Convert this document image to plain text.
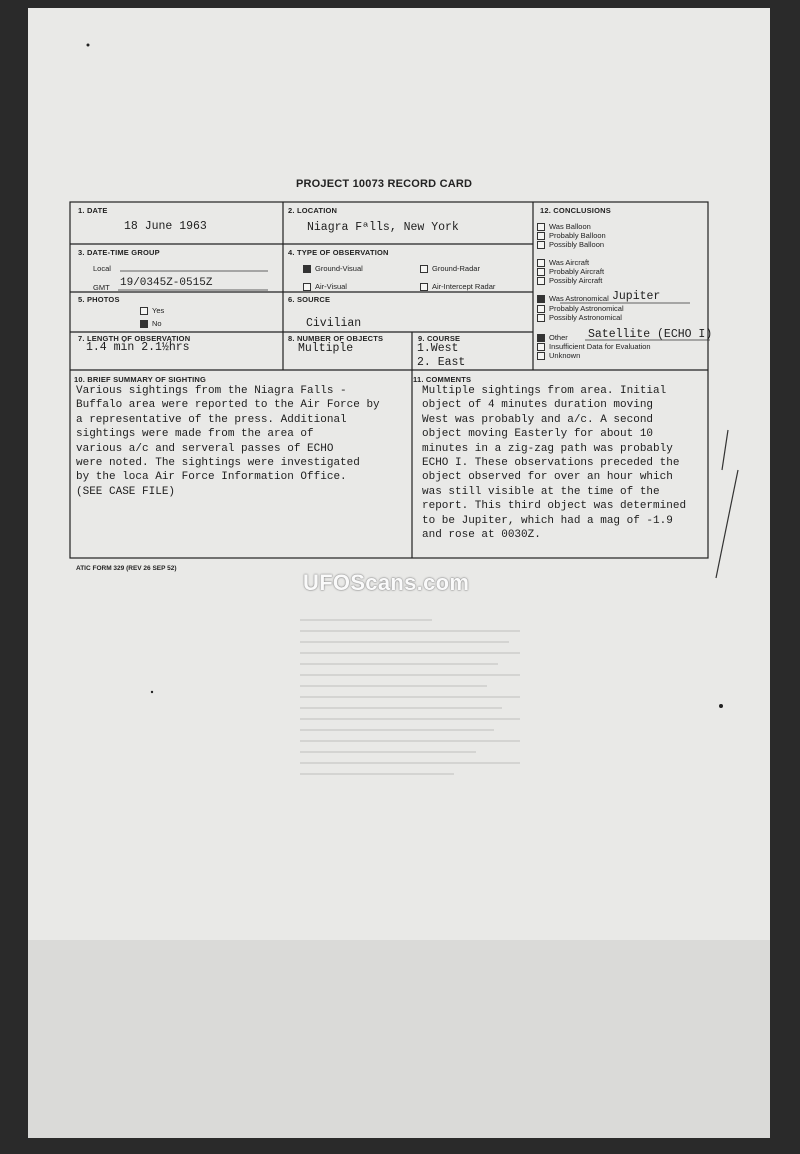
PROJECT 10073 RECORD CARD
1. DATE
18 June 1963
2. LOCATION
Niagra Fªlls, New York
3. DATE-TIME GROUP
Local
GMT 19/0345Z-0515Z
4. TYPE OF OBSERVATION
Ground-Visual	Ground-Radar
Air-Visual	Air-Intercept Radar
5. PHOTOS
Yes
No
6. SOURCE
Civilian
7. LENGTH OF OBSERVATION
1.4 min 2.1½hrs
8. NUMBER OF OBJECTS
Multiple
9. COURSE
1.West
2. East
12. CONCLUSIONS
Was Balloon
Probably Balloon
Possibly Balloon
Was Aircraft
Probably Aircraft
Possibly Aircraft
Was Astronomical Jupiter
Probably Astronomical
Possibly Astronomical
Other Satellite (ECHO I)
Insufficient Data for Evaluation
Unknown
10. BRIEF SUMMARY OF SIGHTING
Various sightings from the Niagra Falls -
Buffalo area were reported to the Air Force by
a representative of the press. Additional
sightings were made from the area of
various a/c and serveral passes of ECHO
were noted. The sightings were investigated
by the loca Air Force Information Office.
(SEE CASE FILE)
11. COMMENTS
Multiple sightings from area. Initial
object of 4 minutes duration moving
West was probably and a/c. A second
object moving Easterly for about 10
minutes in a zig-zag path was probably
ECHO I. These observations preceded the
object observed for over an hour which
was still visible at the time of the
report. This third object was determined
to be Jupiter, which had a mag of -1.9
and rose at 0030Z.
ATIC FORM 329 (REV 26 SEP 52)
UFOScans.com
